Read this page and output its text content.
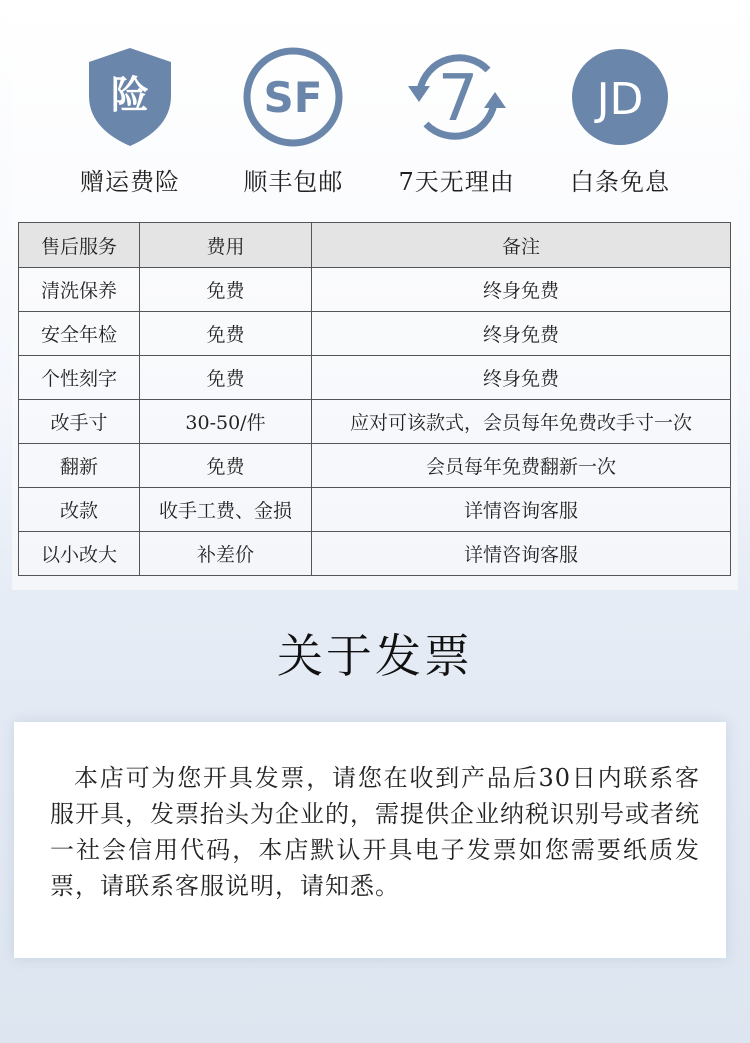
险
赠运费险
SF
顺丰包邮
7
7天无理由
JD
白条免息
售后服务	费用	备注
清洗保养	免费	终身免费
安全年检	免费	终身免费
个性刻字	免费	终身免费
改手寸	30-50/件	应对可该款式，会员每年免费改手寸一次
翻新	免费	会员每年免费翻新一次
改款	收手工费、金损	详情咨询客服
以小改大	补差价	详情咨询客服
关于发票
本店可为您开具发票，请您在收到产品后30日内联系客服开具，发票抬头为企业的，需提供企业纳税识别号或者统一社会信用代码，本店默认开具电子发票如您需要纸质发票，请联系客服说明，请知悉。
